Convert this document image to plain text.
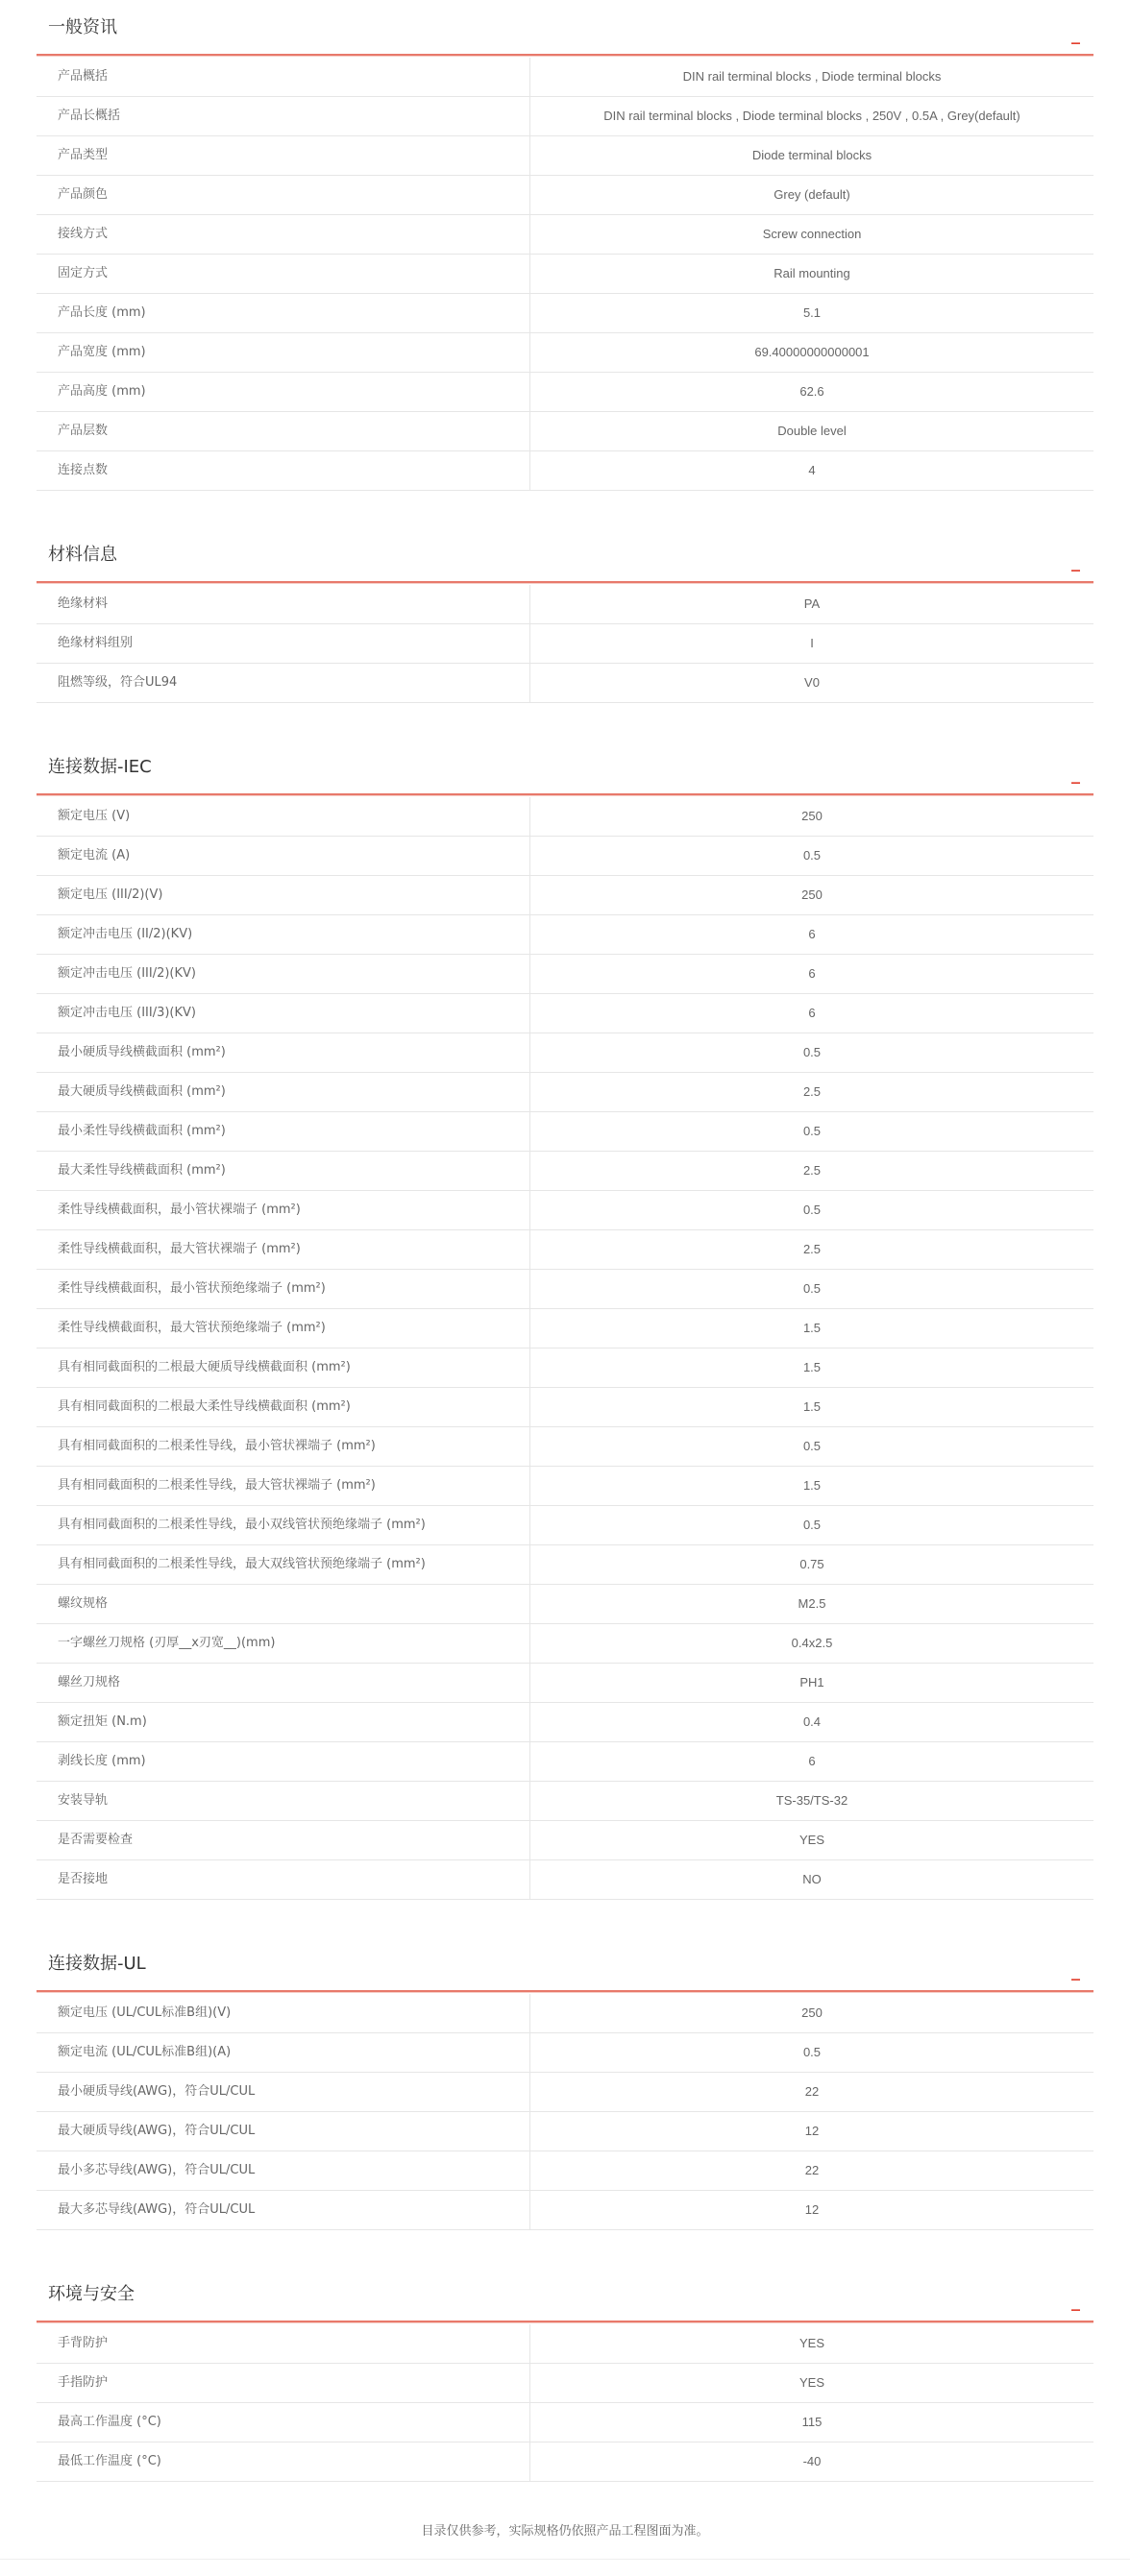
一般资讯	_
产品概括	DIN rail terminal blocks , Diode terminal blocks
产品长概括	DIN rail terminal blocks , Diode terminal blocks , 250V , 0.5A , Grey(default)
产品类型	Diode terminal blocks
产品颜色	Grey (default)
接线方式	Screw connection
固定方式	Rail mounting
产品长度 (mm)	5.1
产品宽度 (mm)	69.40000000000001
产品高度 (mm)	62.6
产品层数	Double level
连接点数	4
材料信息	_
绝缘材料	PA
绝缘材料组别	I
阻燃等级，符合UL94	V0
连接数据-IEC	_
额定电压 (V)	250
额定电流 (A)	0.5
额定电压 (III/2)(V)	250
额定冲击电压 (II/2)(KV)	6
额定冲击电压 (III/2)(KV)	6
额定冲击电压 (III/3)(KV)	6
最小硬质导线横截面积 (mm²)	0.5
最大硬质导线横截面积 (mm²)	2.5
最小柔性导线横截面积 (mm²)	0.5
最大柔性导线横截面积 (mm²)	2.5
柔性导线横截面积，最小管状裸端子 (mm²)	0.5
柔性导线横截面积，最大管状裸端子 (mm²)	2.5
柔性导线横截面积，最小管状预绝缘端子 (mm²)	0.5
柔性导线横截面积，最大管状预绝缘端子 (mm²)	1.5
具有相同截面积的二根最大硬质导线横截面积 (mm²)	1.5
具有相同截面积的二根最大柔性导线横截面积 (mm²)	1.5
具有相同截面积的二根柔性导线，最小管状裸端子 (mm²)	0.5
具有相同截面积的二根柔性导线，最大管状裸端子 (mm²)	1.5
具有相同截面积的二根柔性导线，最小双线管状预绝缘端子 (mm²)	0.5
具有相同截面积的二根柔性导线，最大双线管状预绝缘端子 (mm²)	0.75
螺纹规格	M2.5
一字螺丝刀规格 (刃厚__x刃宽__)(mm)	0.4x2.5
螺丝刀规格	PH1
额定扭矩 (N.m)	0.4
剥线长度 (mm)	6
安装导轨	TS-35/TS-32
是否需要检查	YES
是否接地	NO
连接数据-UL	_
额定电压 (UL/CUL标准B组)(V)	250
额定电流 (UL/CUL标准B组)(A)	0.5
最小硬质导线(AWG)，符合UL/CUL	22
最大硬质导线(AWG)，符合UL/CUL	12
最小多芯导线(AWG)，符合UL/CUL	22
最大多芯导线(AWG)，符合UL/CUL	12
环境与安全	_
手背防护	YES
手指防护	YES
最高工作温度 (°C)	115
最低工作温度 (°C)	-40
目录仅供参考，实际规格仍依照产品工程图面为准。
